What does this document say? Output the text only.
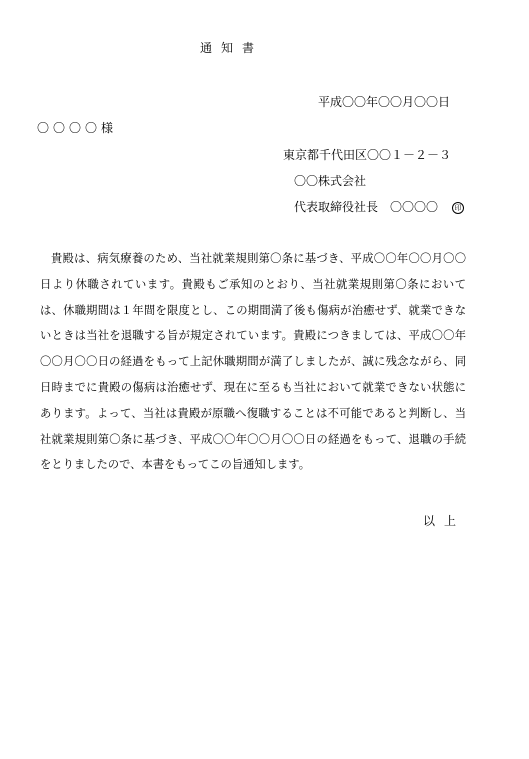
通知書
平成〇〇年〇〇月〇〇日
〇〇〇〇様
東京都千代田区〇〇１－２－３
〇〇株式会社
代表取締役社長　〇〇〇〇 印

貴殿は、病気療養のため、当社就業規則第〇条に基づき、平成〇〇年〇〇月〇〇日より休職されています。貴殿もご承知のとおり、当社就業規則第〇条においては、休職期間は１年間を限度とし、この期間満了後も傷病が治癒せず、就業できないときは当社を退職する旨が規定されています。貴殿につきましては、平成〇〇年〇〇月〇〇日の経過をもって上記休職期間が満了しましたが、誠に残念ながら、同日時までに貴殿の傷病は治癒せず、現在に至るも当社において就業できない状態にあります。よって、当社は貴殿が原職へ復職することは不可能であると判断し、当社就業規則第〇条に基づき、平成〇〇年〇〇月〇〇日の経過をもって、退職の手続をとりましたので、本書をもってこの旨通知します。

以上
